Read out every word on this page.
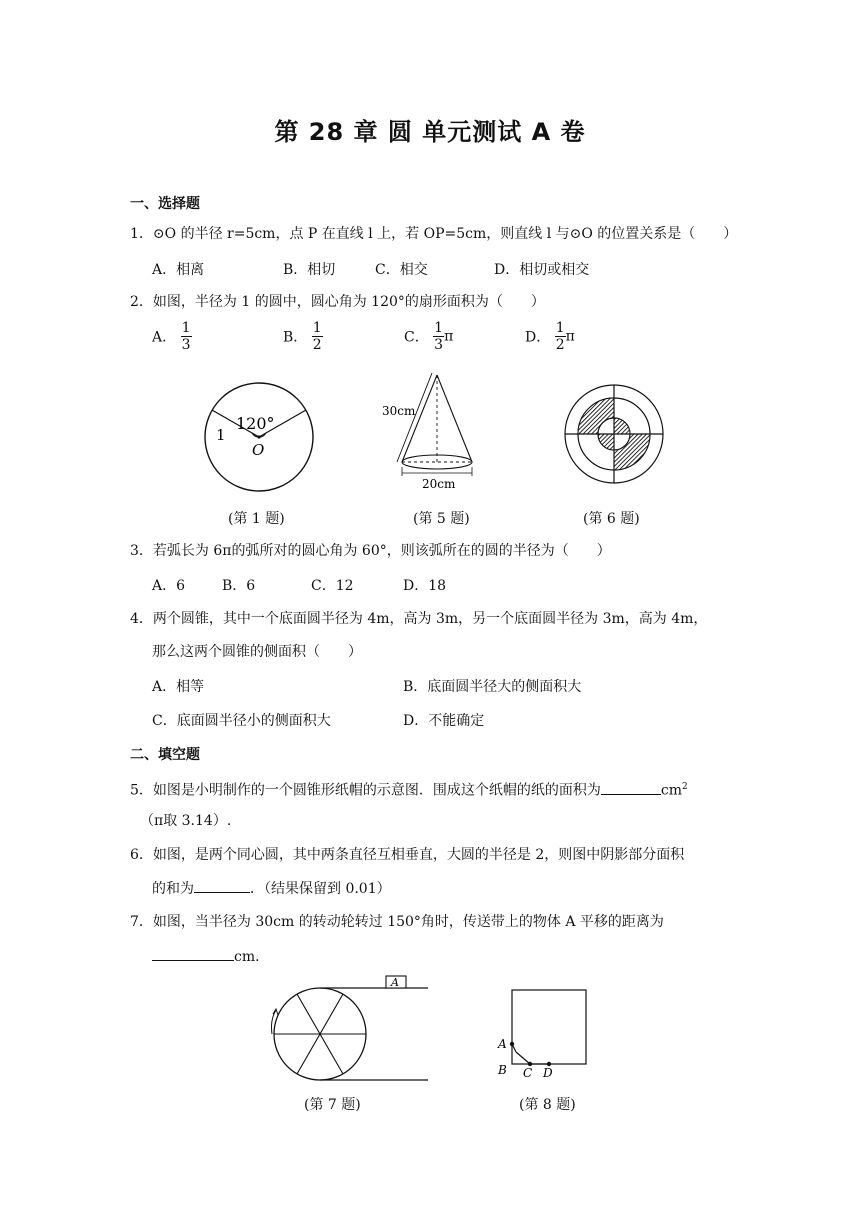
第 28 章 圆 单元测试 A 卷
一、选择题
1．⊙O 的半径 r=5cm，点 P 在直线 l 上，若 OP=5cm，则直线 l 与⊙O 的位置关系是（　　）
A．相离	B．相切	C．相交	D．相切或相交
2．如图，半径为 1 的圆中，圆心角为 120°的扇形面积为（　　）
A． $\frac{1}{3}$	B． $\frac{1}{2}$	C． $\frac{1}{3}$ π	D． $\frac{1}{2}$ π
120°
1
O
(第 1 题)
30cm
20cm
(第 5 题)	(第 6 题)
3．若弧长为 6π的弧所对的圆心角为 60°，则该弧所在的圆的半径为（　　）
A．6	B．6	C．12	D．18
4．两个圆锥，其中一个底面圆半径为 4m，高为 3m，另一个底面圆半径为 3m，高为 4m，
那么这两个圆锥的侧面积（　　）
A．相等	B．底面圆半径大的侧面积大
C．底面圆半径小的侧面积大	D．不能确定
二、填空题
5．如图是小明制作的一个圆锥形纸帽的示意图．围成这个纸帽的纸的面积为	$cm^2$
（π取 3.14）.
6．如图，是两个同心圆，其中两条直径互相垂直，大圆的半径是 2，则图中阴影部分面积
的和为	．（结果保留到 0.01）
7．如图，当半径为 30cm 的转动轮转过 150°角时，传送带上的物体 A 平移的距离为
cm．
A
(第 7 题)
A
B C D
(第 8 题)
